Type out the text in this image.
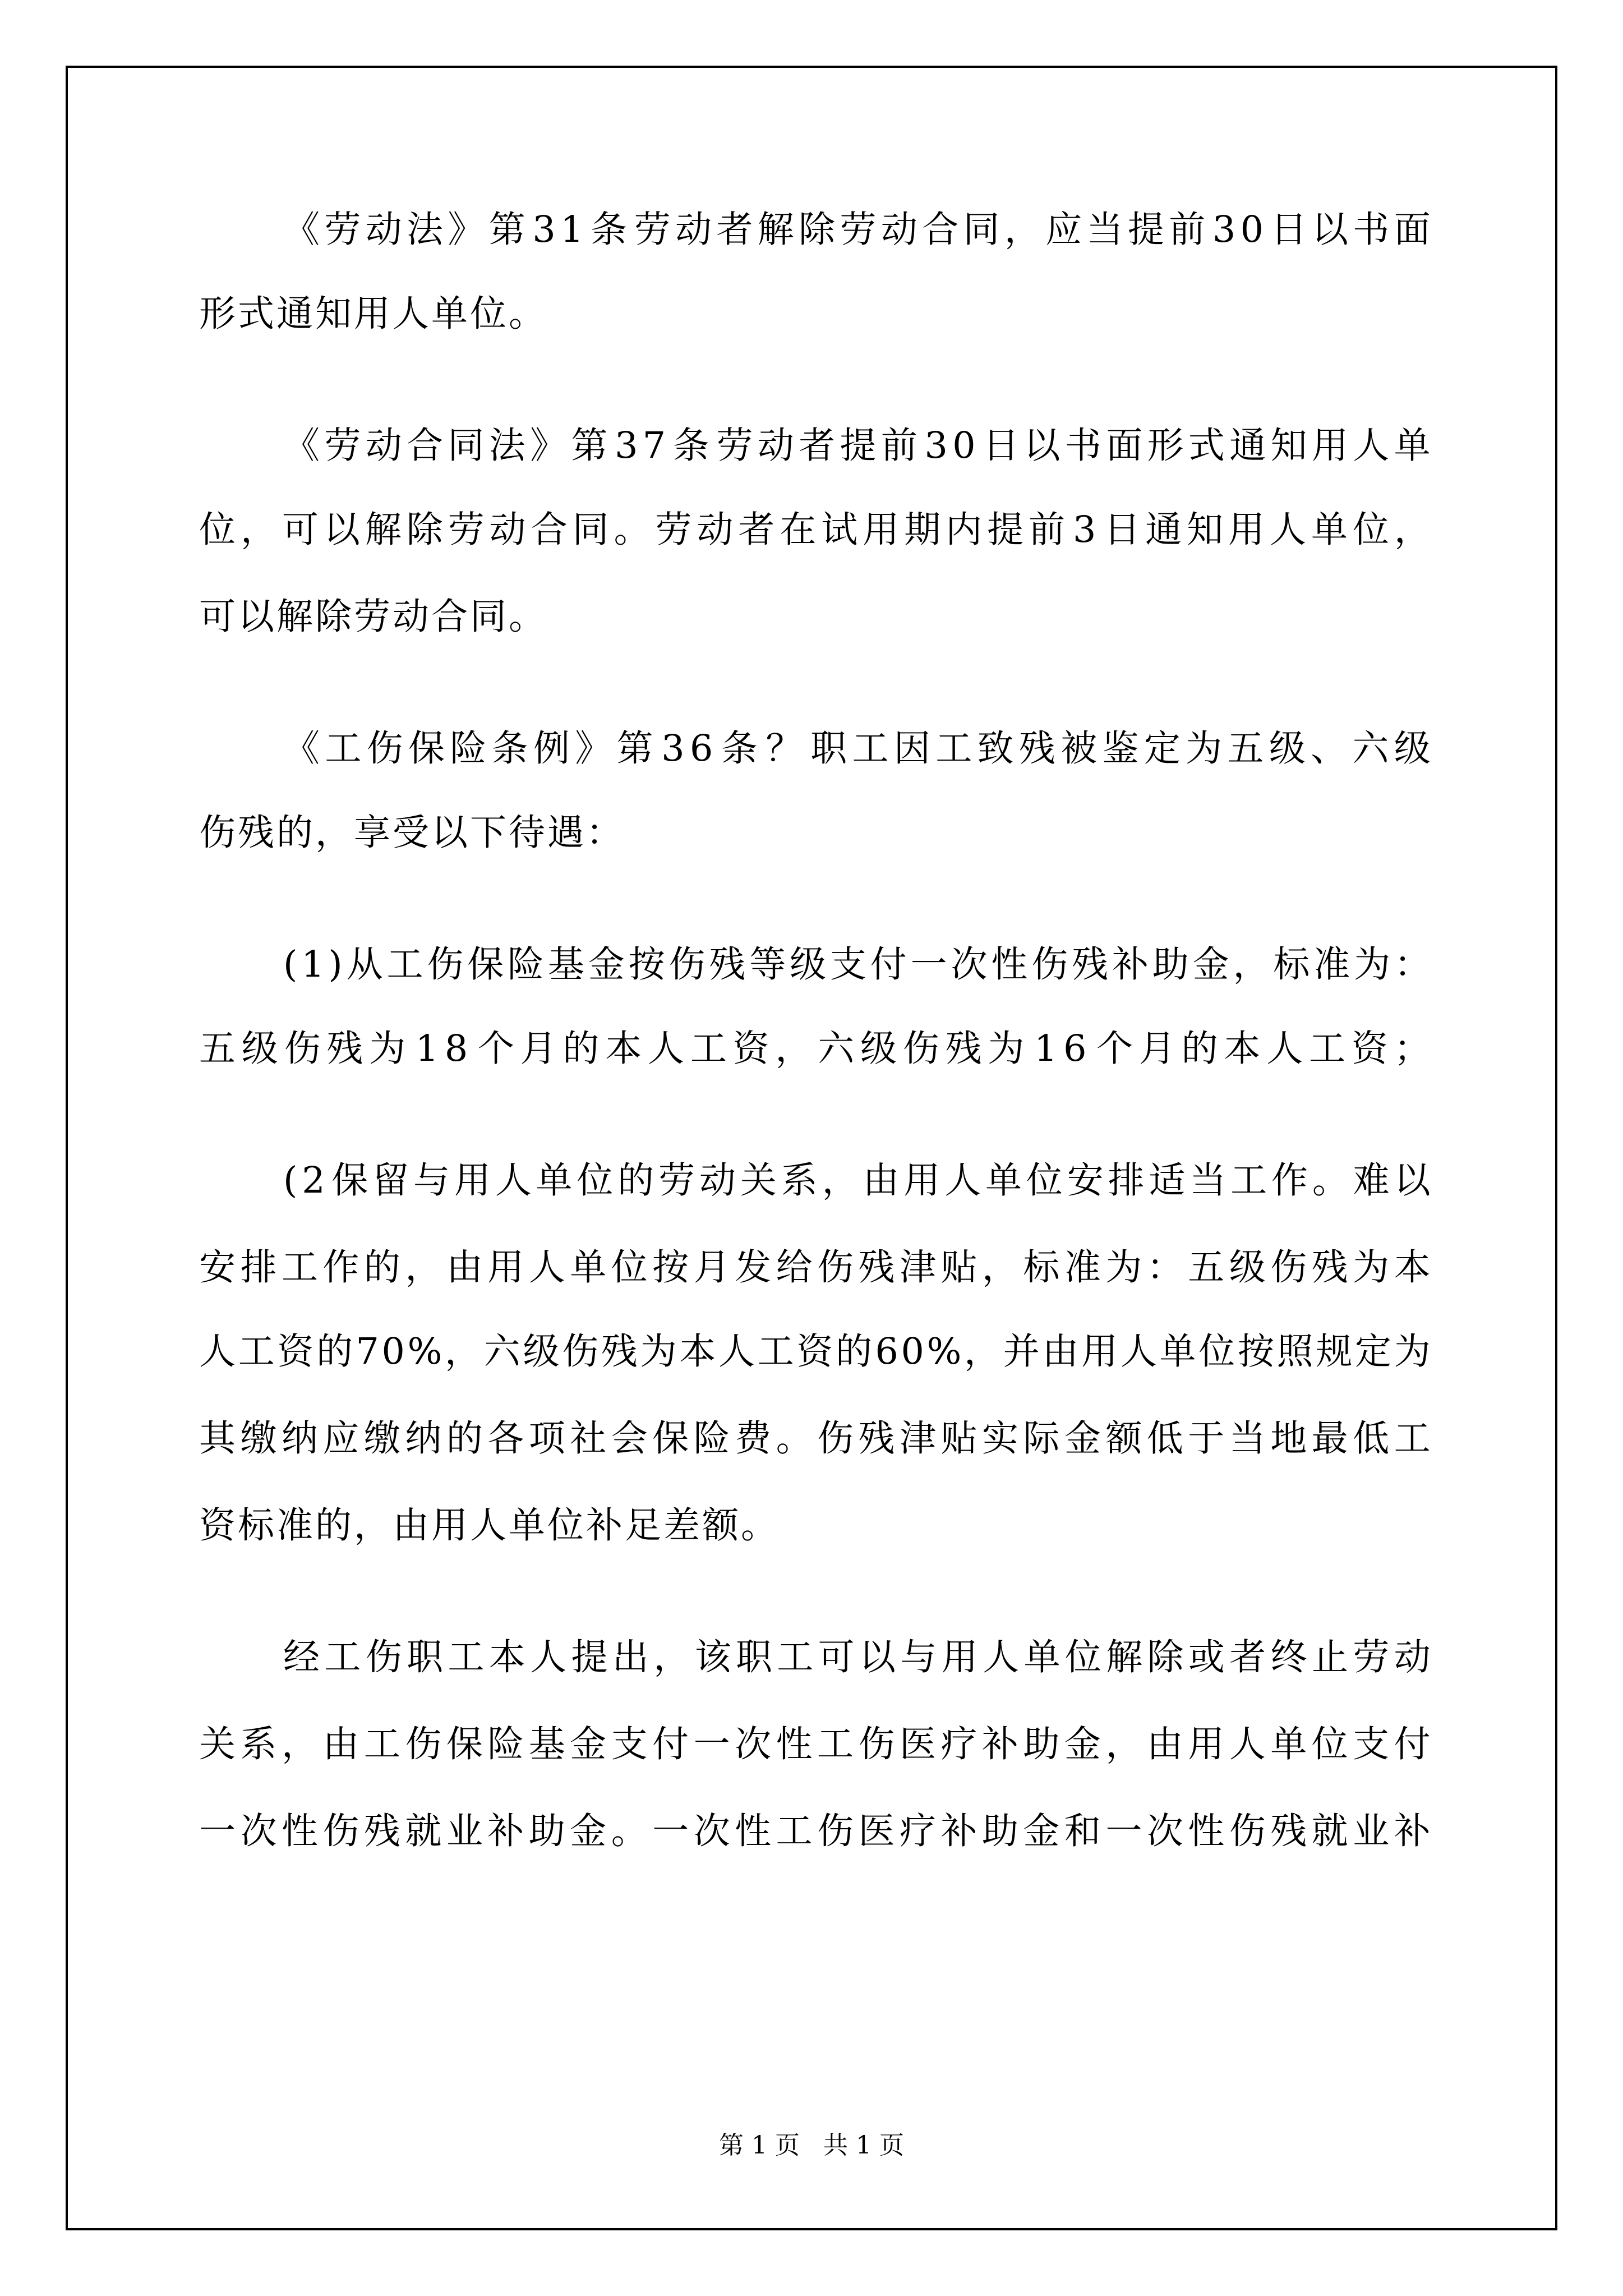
《 劳 动 法 》 第 3 1 条 劳 动 者 解 除 劳 动 合 同 ， 应 当 提 前 3 0 日 以 书 面
形式通知用人单位。
《 劳 动 合 同 法 》 第 3 7 条 劳 动 者 提 前 3 0 日 以 书 面 形 式 通 知 用 人 单
位 ， 可 以 解 除 劳 动 合 同 。 劳 动 者 在 试 用 期 内 提 前 3 日 通 知 用 人 单 位 ，
可以解除劳动合同。
《 工 伤 保 险 条 例 》 第 3 6 条 ？ 职 工 因 工 致 残 被 鉴 定 为 五 级 、 六 级
伤残的，享受以下待遇：
( 1 ) 从 工 伤 保 险 基 金 按 伤 残 等 级 支 付 一 次 性 伤 残 补 助 金 ， 标 准 为 ：
五 级 伤 残 为 1 8 个 月 的 本 人 工 资 ， 六 级 伤 残 为 1 6 个 月 的 本 人 工 资 ；
( 2 保 留 与 用 人 单 位 的 劳 动 关 系 ， 由 用 人 单 位 安 排 适 当 工 作 。 难 以
安 排 工 作 的 ， 由 用 人 单 位 按 月 发 给 伤 残 津 贴 ， 标 准 为 ： 五 级 伤 残 为 本
人 工 资 的 7 0 % ， 六 级 伤 残 为 本 人 工 资 的 6 0 % ， 并 由 用 人 单 位 按 照 规 定 为
其 缴 纳 应 缴 纳 的 各 项 社 会 保 险 费 。 伤 残 津 贴 实 际 金 额 低 于 当 地 最 低 工
资标准的，由用人单位补足差额。
经 工 伤 职 工 本 人 提 出 ， 该 职 工 可 以 与 用 人 单 位 解 除 或 者 终 止 劳 动
关 系 ， 由 工 伤 保 险 基 金 支 付 一 次 性 工 伤 医 疗 补 助 金 ， 由 用 人 单 位 支 付
一 次 性 伤 残 就 业 补 助 金 。 一 次 性 工 伤 医 疗 补 助 金 和 一 次 性 伤 残 就 业 补
第 1 页   共 1 页
